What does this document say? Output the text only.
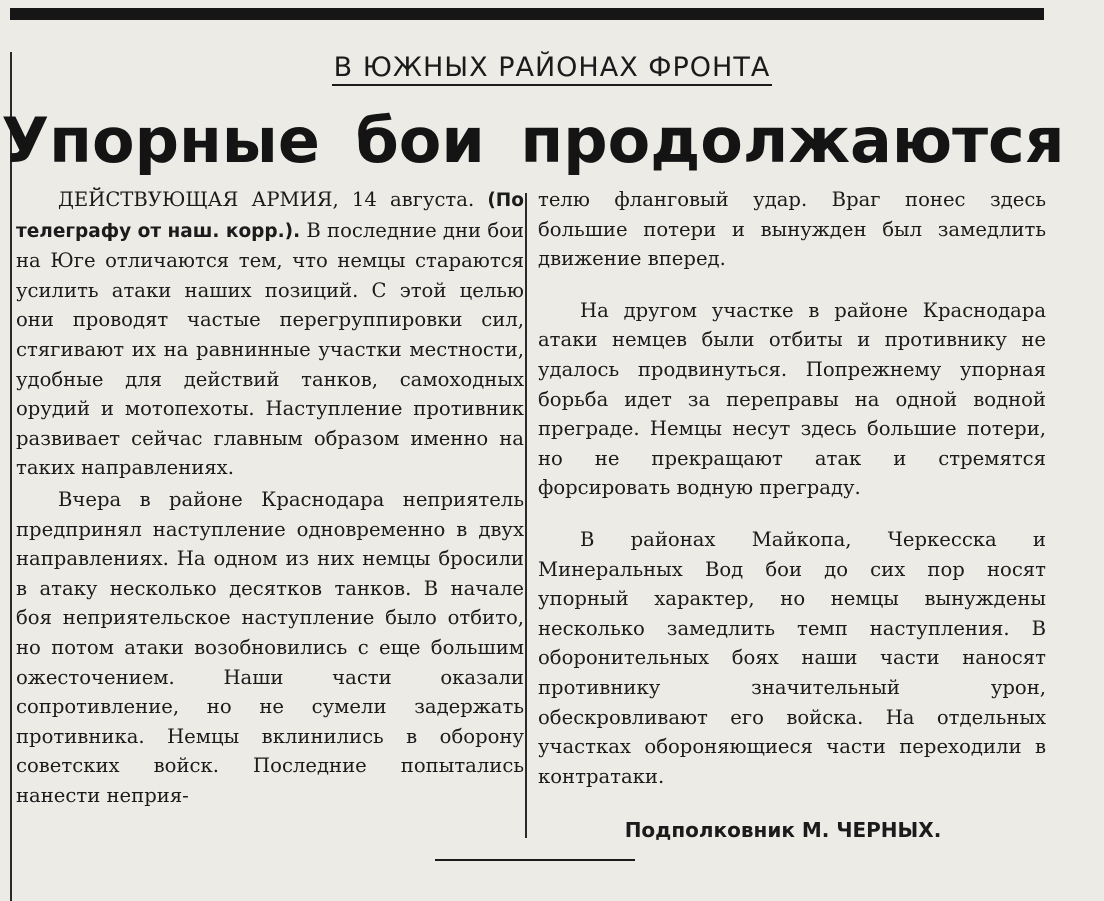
В ЮЖНЫХ РАЙОНАХ ФРОНТА
Упорные бои продолжаются

ДЕЙСТВУЮЩАЯ АРМИЯ, 14 августа. (По телеграфу от наш. корр.). В последние дни бои на Юге отличаются тем, что немцы стараются усилить атаки наших позиций. С этой целью они проводят частые перегруппировки сил, стягивают их на равнинные участки местности, удобные для действий танков, самоходных орудий и мотопехоты. Наступление противник развивает сейчас главным образом именно на таких направлениях.

Вчера в районе Краснодара неприятель предпринял наступление одновременно в двух направлениях. На одном из них немцы бросили в атаку несколько десятков танков. В начале боя неприятельское наступление было отбито, но потом атаки возобновились с еще большим ожесточением. Наши части оказали сопротивление, но не сумели задержать противника. Немцы вклинились в оборону советских войск. Последние попытались нанести неприя-

телю фланговый удар. Враг понес здесь большие потери и вынужден был замедлить движение вперед.

На другом участке в районе Краснодара атаки немцев были отбиты и противнику не удалось продвинуться. Попрежнему упорная борьба идет за переправы на одной водной преграде. Немцы несут здесь большие потери, но не прекращают атак и стремятся форсировать водную преграду.

В районах Майкопа, Черкесска и Минеральных Вод бои до сих пор носят упорный характер, но немцы вынуждены несколько замедлить темп наступления. В оборонительных боях наши части наносят противнику значительный урон, обескровливают его войска. На отдельных участках обороняющиеся части переходили в контратаки.

Подполковник М. ЧЕРНЫХ.
